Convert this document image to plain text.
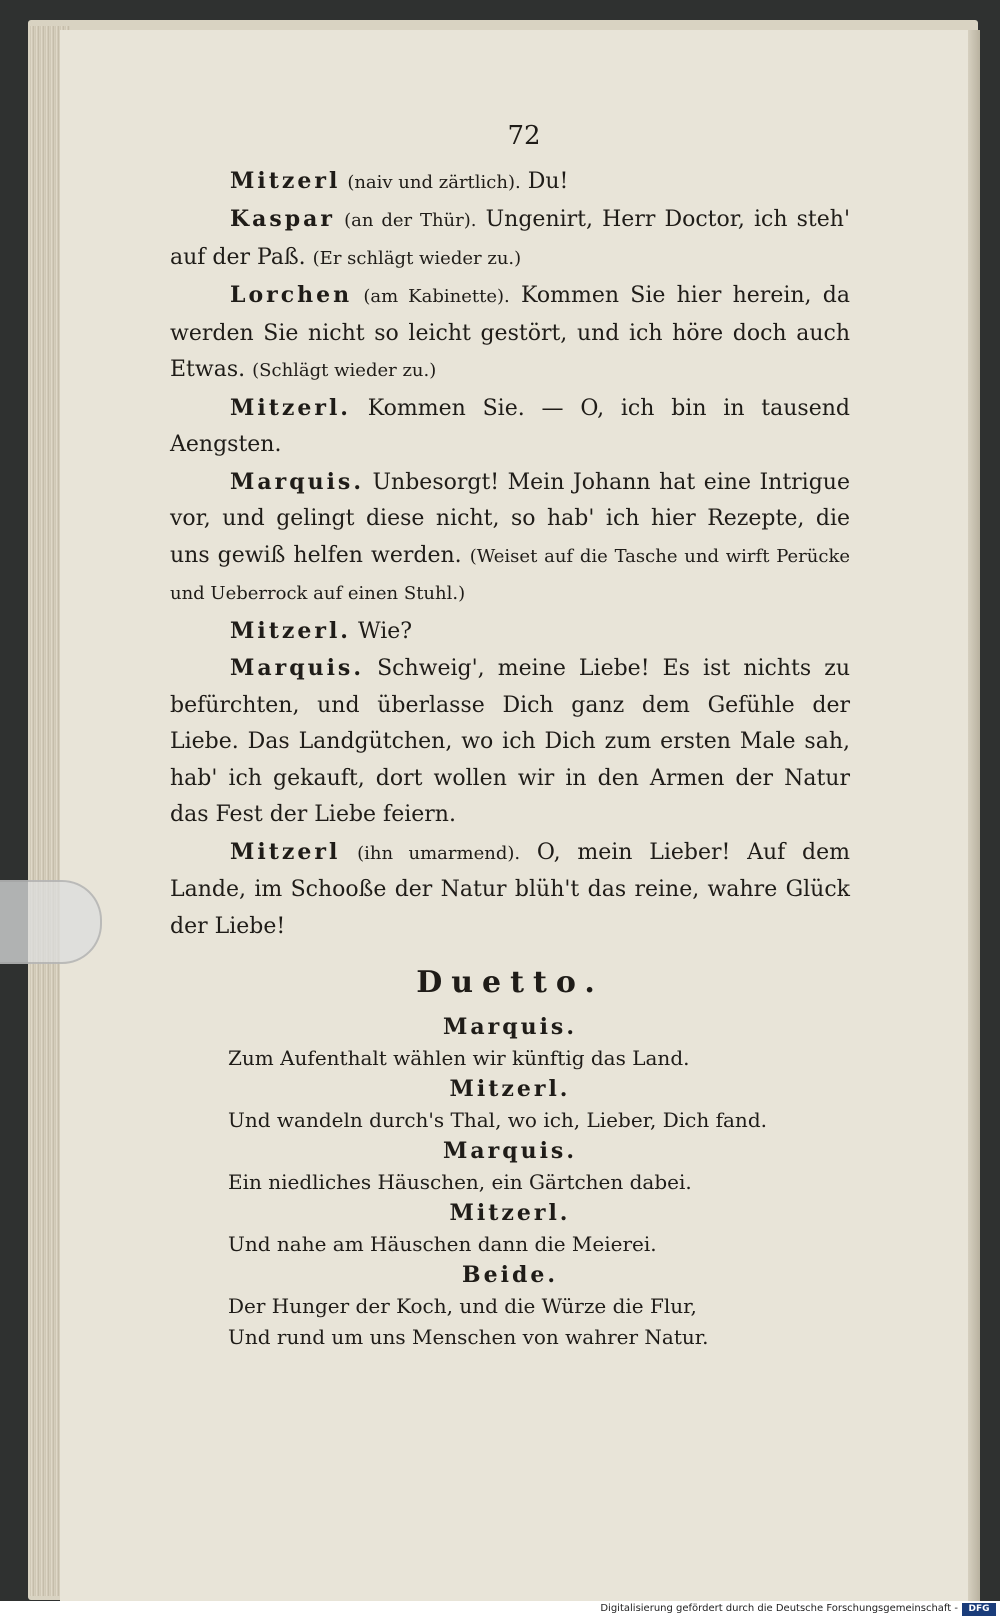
72

Mitzerl (naiv und zärtlich). Du!

Kaspar (an der Thür). Ungenirt, Herr Doctor, ich steh' auf der Paß. (Er schlägt wieder zu.)

Lorchen (am Kabinette). Kommen Sie hier herein, da werden Sie nicht so leicht gestört, und ich höre doch auch Etwas. (Schlägt wieder zu.)

Mitzerl. Kommen Sie. — O, ich bin in tausend Aengsten.

Marquis. Unbesorgt! Mein Johann hat eine Intrigue vor, und gelingt diese nicht, so hab' ich hier Rezepte, die uns gewiß helfen werden. (Weiset auf die Tasche und wirft Perücke und Ueberrock auf einen Stuhl.)

Mitzerl. Wie?

Marquis. Schweig', meine Liebe! Es ist nichts zu befürchten, und überlasse Dich ganz dem Gefühle der Liebe. Das Landgütchen, wo ich Dich zum ersten Male sah, hab' ich gekauft, dort wollen wir in den Armen der Natur das Fest der Liebe feiern.

Mitzerl (ihn umarmend). O, mein Lieber! Auf dem Lande, im Schooße der Natur blüh't das reine, wahre Glück der Liebe!

Duetto.
Marquis.
Zum Aufenthalt wählen wir künftig das Land.
Mitzerl.
Und wandeln durch's Thal, wo ich, Lieber, Dich fand.
Marquis.
Ein niedliches Häuschen, ein Gärtchen dabei.
Mitzerl.
Und nahe am Häuschen dann die Meierei.
Beide.
Der Hunger der Koch, und die Würze die Flur,
Und rund um uns Menschen von wahrer Natur.
Digitalisierung gefördert durch die Deutsche Forschungsgemeinschaft -	DFG
